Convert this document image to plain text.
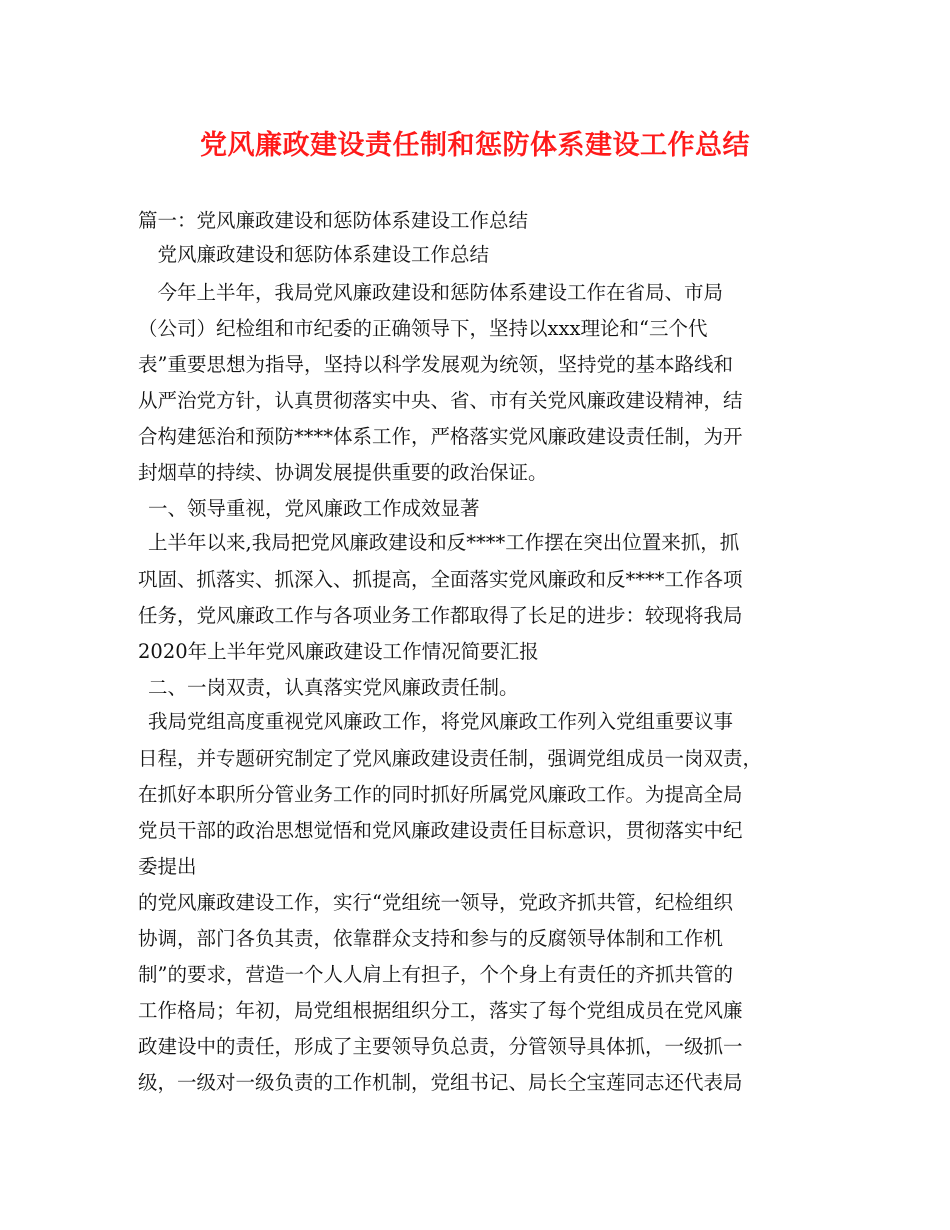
党风廉政建设责任制和惩防体系建设工作总结
篇一：党风廉政建设和惩防体系建设工作总结
　党风廉政建设和惩防体系建设工作总结
　今年上半年，我局党风廉政建设和惩防体系建设工作在省局、市局
（公司）纪检组和市纪委的正确领导下，坚持以xxx理论和“三个代
表”重要思想为指导，坚持以科学发展观为统领，坚持党的基本路线和
从严治党方针，认真贯彻落实中央、省、市有关党风廉政建设精神，结
合构建惩治和预防****体系工作，严格落实党风廉政建设责任制，为开
封烟草的持续、协调发展提供重要的政治保证。
一、领导重视，党风廉政工作成效显著
上半年以来,我局把党风廉政建设和反****工作摆在突出位置来抓，抓
巩固、抓落实、抓深入、抓提高，全面落实党风廉政和反****工作各项
任务，党风廉政工作与各项业务工作都取得了长足的进步：较现将我局
2020年上半年党风廉政建设工作情况简要汇报
二、一岗双责，认真落实党风廉政责任制。
我局党组高度重视党风廉政工作，将党风廉政工作列入党组重要议事
日程，并专题研究制定了党风廉政建设责任制，强调党组成员一岗双责，
在抓好本职所分管业务工作的同时抓好所属党风廉政工作。为提高全局
党员干部的政治思想觉悟和党风廉政建设责任目标意识，贯彻落实中纪
委提出
的党风廉政建设工作，实行“党组统一领导，党政齐抓共管，纪检组织
协调，部门各负其责，依靠群众支持和参与的反腐领导体制和工作机
制”的要求，营造一个人人肩上有担子，个个身上有责任的齐抓共管的
工作格局；年初，局党组根据组织分工，落实了每个党组成员在党风廉
政建设中的责任，形成了主要领导负总责，分管领导具体抓，一级抓一
级，一级对一级负责的工作机制，党组书记、局长仝宝莲同志还代表局
